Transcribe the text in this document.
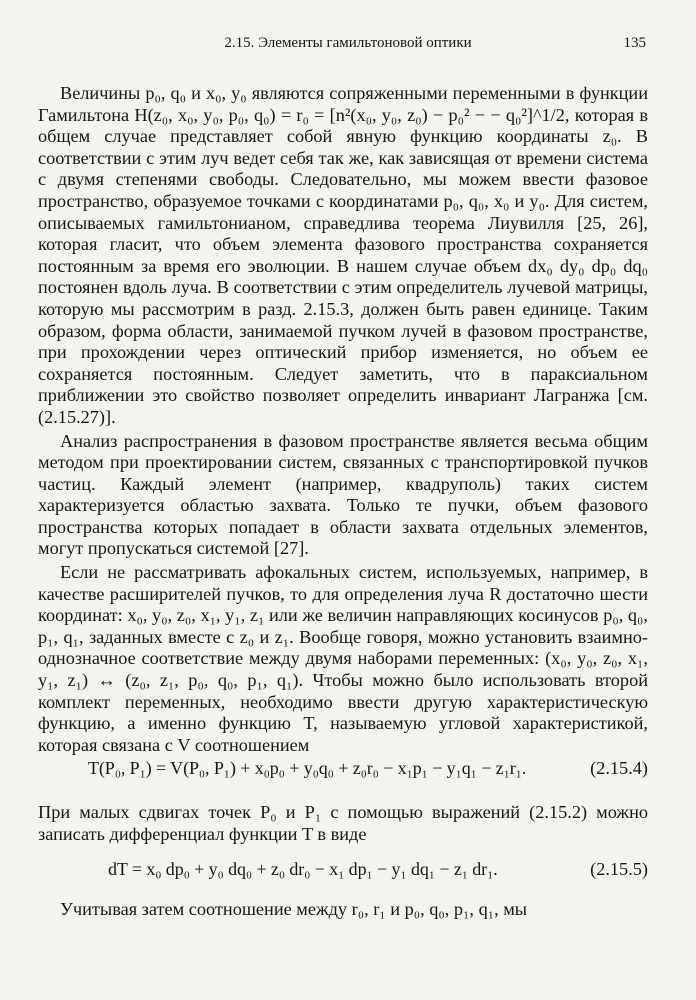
2.15. Элементы гамильтоновой оптики	135

Величины p₀, q₀ и x₀, y₀ являются сопряженными переменными в функции Гамильтона H(z₀, x₀, y₀, p₀, q₀) = r₀ = [n²(x₀, y₀, z₀) − p₀² − − q₀²]^1/2, которая в общем случае представляет собой явную функцию координаты z₀. В соответствии с этим луч ведет себя так же, как зависящая от времени система с двумя степенями свободы. Следовательно, мы можем ввести фазовое пространство, образуемое точками с координатами p₀, q₀, x₀ и y₀. Для систем, описываемых гамильтонианом, справедлива теорема Лиувилля [25, 26], которая гласит, что объем элемента фазового пространства сохраняется постоянным за время его эволюции. В нашем случае объем dx₀ dy₀ dp₀ dq₀ постоянен вдоль луча. В соответствии с этим определитель лучевой матрицы, которую мы рассмотрим в разд. 2.15.3, должен быть равен единице. Таким образом, форма области, занимаемой пучком лучей в фазовом пространстве, при прохождении через оптический прибор изменяется, но объем ее сохраняется постоянным. Следует заметить, что в параксиальном приближении это свойство позволяет определить инвариант Лагранжа [см. (2.15.27)].

Анализ распространения в фазовом пространстве является весьма общим методом при проектировании систем, связанных с транспортировкой пучков частиц. Каждый элемент (например, квадруполь) таких систем характеризуется областью захвата. Только те пучки, объем фазового пространства которых попадает в области захвата отдельных элементов, могут пропускаться системой [27].

Если не рассматривать афокальных систем, используемых, например, в качестве расширителей пучков, то для определения луча R достаточно шести координат: x₀, y₀, z₀, x₁, y₁, z₁ или же величин направляющих косинусов p₀, q₀, p₁, q₁, заданных вместе с z₀ и z₁. Вообще говоря, можно установить взаимно-однозначное соответствие между двумя наборами переменных: (x₀, y₀, z₀, x₁, y₁, z₁) ↔ (z₀, z₁, p₀, q₀, p₁, q₁). Чтобы можно было использовать второй комплект переменных, необходимо ввести другую характеристическую функцию, а именно функцию T, называемую угловой характеристикой, которая связана с V соотношением

T(P₀, P₁) = V(P₀, P₁) + x₀p₀ + y₀q₀ + z₀r₀ − x₁p₁ − y₁q₁ − z₁r₁.	(2.15.4)

При малых сдвигах точек P₀ и P₁ с помощью выражений (2.15.2) можно записать дифференциал функции T в виде

dT = x₀ dp₀ + y₀ dq₀ + z₀ dr₀ − x₁ dp₁ − y₁ dq₁ − z₁ dr₁.	(2.15.5)

Учитывая затем соотношение между r₀, r₁ и p₀, q₀, p₁, q₁, мы
